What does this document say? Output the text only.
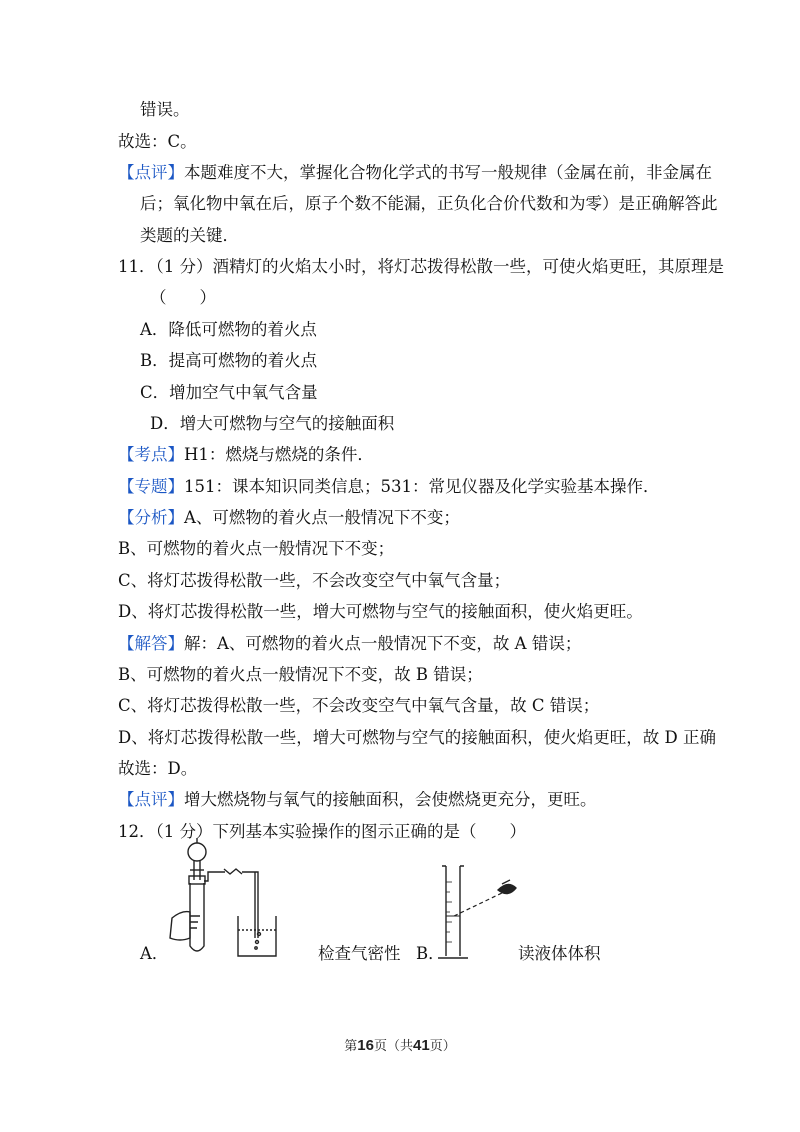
错误。
故选：C。
【点评】本题难度不大，掌握化合物化学式的书写一般规律（金属在前，非金属在
后；氧化物中氧在后，原子个数不能漏，正负化合价代数和为零）是正确解答此
类题的关键．
11．（1 分）酒精灯的火焰太小时，将灯芯拨得松散一些，可使火焰更旺，其原理是
（　　）
A．降低可燃物的着火点
B．提高可燃物的着火点
C．增加空气中氧气含量
D．增大可燃物与空气的接触面积
【考点】H1：燃烧与燃烧的条件．
【专题】151：课本知识同类信息；531：常见仪器及化学实验基本操作．
【分析】A、可燃物的着火点一般情况下不变；
B、可燃物的着火点一般情况下不变；
C、将灯芯拨得松散一些，不会改变空气中氧气含量；
D、将灯芯拨得松散一些，增大可燃物与空气的接触面积，使火焰更旺。
【解答】解：A、可燃物的着火点一般情况下不变，故 A 错误；
B、可燃物的着火点一般情况下不变，故 B 错误；
C、将灯芯拨得松散一些，不会改变空气中氧气含量，故 C 错误；
D、将灯芯拨得松散一些，增大可燃物与空气的接触面积，使火焰更旺，故 D 正确
故选：D。
【点评】增大燃烧物与氧气的接触面积，会使燃烧更充分，更旺。
12．（1 分）下列基本实验操作的图示正确的是（　　）
A．	检查气密性 B．	读液体体积
第16页（共41页）
